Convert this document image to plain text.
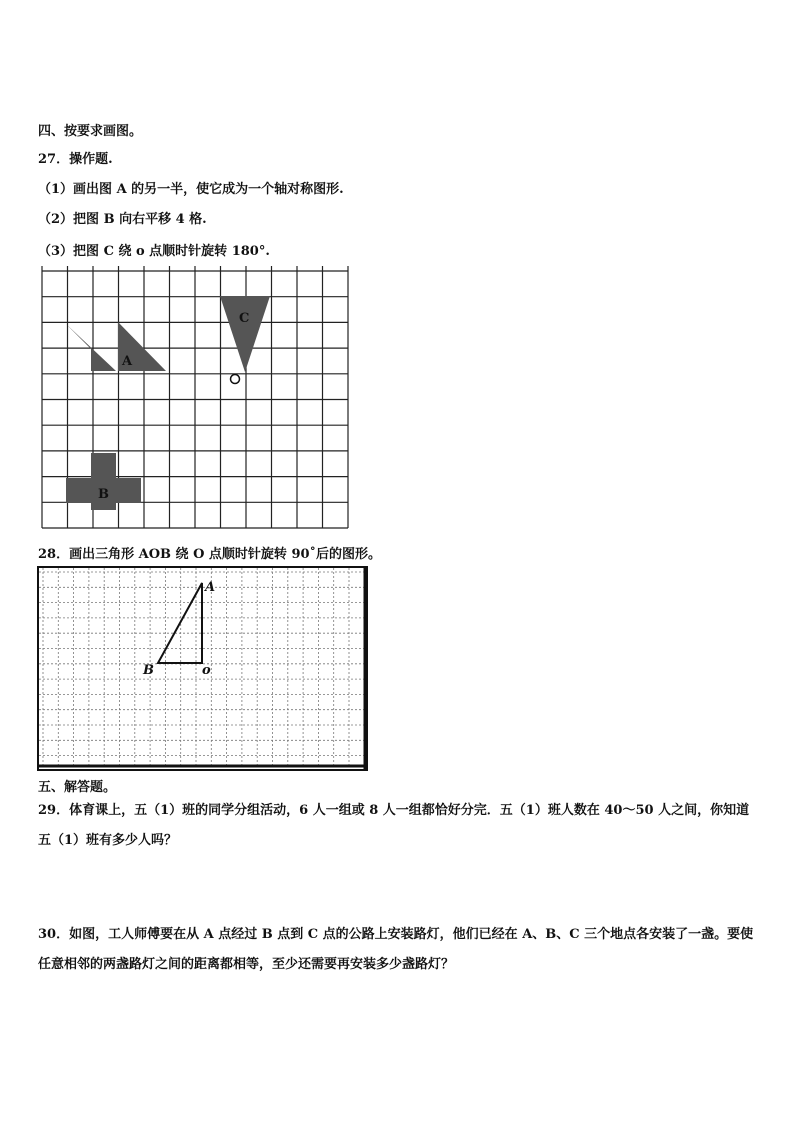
四、按要求画图。
27．操作题.
（1）画出图 A 的另一半，使它成为一个轴对称图形.
（2）把图 B 向右平移 4 格.
（3）把图 C 绕 o 点顺时针旋转 180°.
A
B
C
28．画出三角形 AOB 绕 O 点顺时针旋转 90˚后的图形。
A
B	o
五、解答题。
29．体育课上，五（1）班的同学分组活动，6 人一组或 8 人一组都恰好分完．五（1）班人数在 40～50 人之间，你知道五（1）班有多少人吗？
30．如图，工人师傅要在从 A 点经过 B 点到 C 点的公路上安装路灯，他们已经在 A、B、C 三个地点各安装了一盏。要使任意相邻的两盏路灯之间的距离都相等，至少还需要再安装多少盏路灯？
